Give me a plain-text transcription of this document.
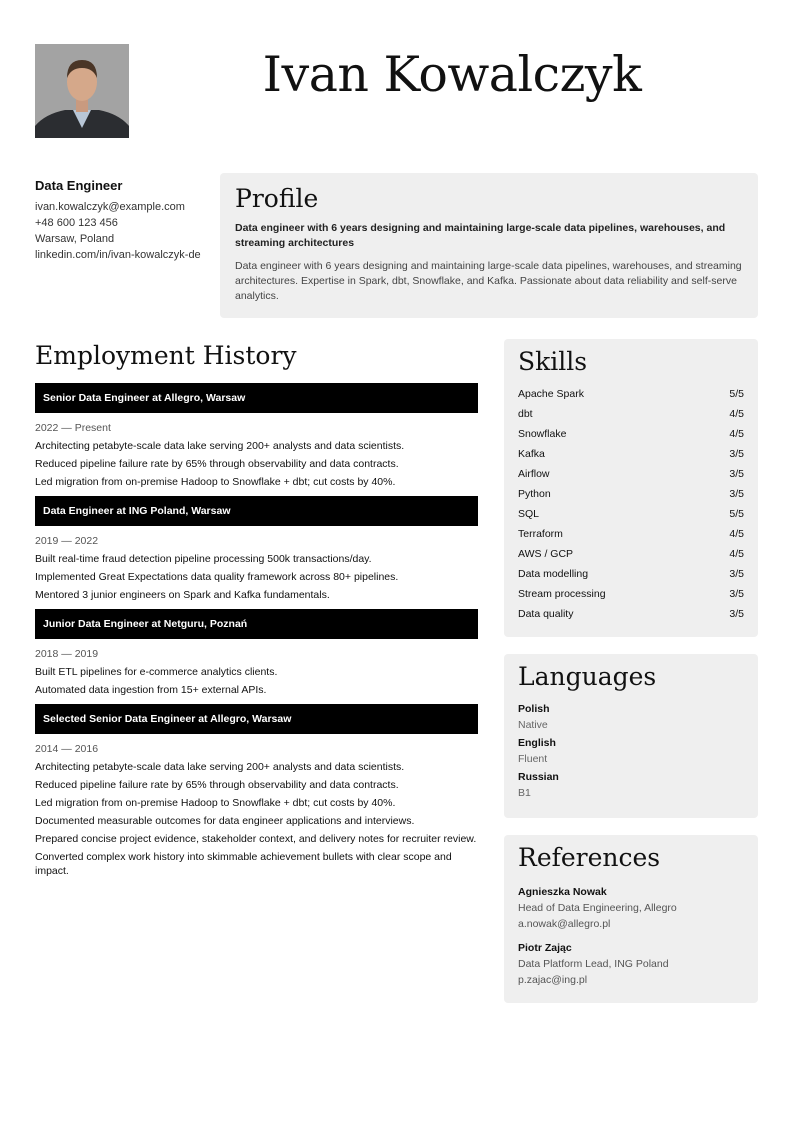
Ivan Kowalczyk
Data Engineer
ivan.kowalczyk@example.com
+48 600 123 456
Warsaw, Poland
linkedin.com/in/ivan-kowalczyk-de
Profile
Data engineer with 6 years designing and maintaining large-scale data pipelines, warehouses, and streaming architectures
Data engineer with 6 years designing and maintaining large-scale data pipelines, warehouses, and streaming architectures. Expertise in Spark, dbt, Snowflake, and Kafka. Passionate about data reliability and self-serve analytics.
Employment History
Senior Data Engineer at Allegro, Warsaw
2022 — Present
Architecting petabyte-scale data lake serving 200+ analysts and data scientists.
Reduced pipeline failure rate by 65% through observability and data contracts.
Led migration from on-premise Hadoop to Snowflake + dbt; cut costs by 40%.
Data Engineer at ING Poland, Warsaw
2019 — 2022
Built real-time fraud detection pipeline processing 500k transactions/day.
Implemented Great Expectations data quality framework across 80+ pipelines.
Mentored 3 junior engineers on Spark and Kafka fundamentals.
Junior Data Engineer at Netguru, Poznań
2018 — 2019
Built ETL pipelines for e-commerce analytics clients.
Automated data ingestion from 15+ external APIs.
Selected Senior Data Engineer at Allegro, Warsaw
2014 — 2016
Architecting petabyte-scale data lake serving 200+ analysts and data scientists.
Reduced pipeline failure rate by 65% through observability and data contracts.
Led migration from on-premise Hadoop to Snowflake + dbt; cut costs by 40%.
Documented measurable outcomes for data engineer applications and interviews.
Prepared concise project evidence, stakeholder context, and delivery notes for recruiter review.
Converted complex work history into skimmable achievement bullets with clear scope and impact.
Skills
Apache Spark	5/5
dbt	4/5
Snowflake	4/5
Kafka	3/5
Airflow	3/5
Python	3/5
SQL	5/5
Terraform	4/5
AWS / GCP	4/5
Data modelling	3/5
Stream processing	3/5
Data quality	3/5
Languages
Polish
Native
English
Fluent
Russian
B1
References
Agnieszka Nowak
Head of Data Engineering, Allegro
a.nowak@allegro.pl
Piotr Zając
Data Platform Lead, ING Poland
p.zajac@ing.pl
